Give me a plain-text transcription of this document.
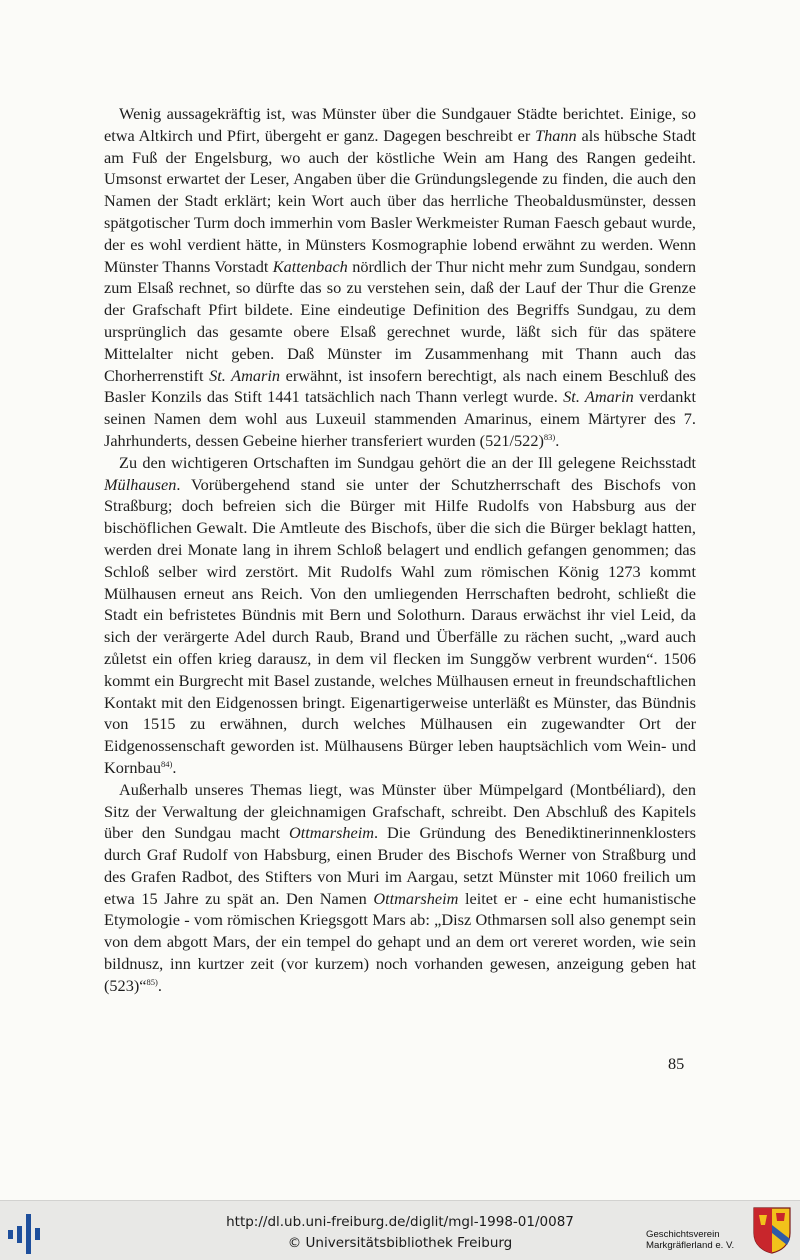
Wenig aussagekräftig ist, was Münster über die Sundgauer Städte berichtet. Einige, so etwa Altkirch und Pfirt, übergeht er ganz. Dagegen beschreibt er Thann als hübsche Stadt am Fuß der Engelsburg, wo auch der köstliche Wein am Hang des Rangen gedeiht. Umsonst erwartet der Leser, Angaben über die Gründungslegende zu finden, die auch den Namen der Stadt erklärt; kein Wort auch über das herrliche Theobaldusmünster, dessen spätgotischer Turm doch immerhin vom Basler Werkmeister Ruman Faesch gebaut wurde, der es wohl verdient hätte, in Münsters Kosmographie lobend erwähnt zu werden. Wenn Münster Thanns Vorstadt Kattenbach nördlich der Thur nicht mehr zum Sundgau, sondern zum Elsaß rechnet, so dürfte das so zu verstehen sein, daß der Lauf der Thur die Grenze der Grafschaft Pfirt bildete. Eine eindeutige Definition des Begriffs Sundgau, zu dem ursprünglich das gesamte obere Elsaß gerechnet wurde, läßt sich für das spätere Mittelalter nicht geben. Daß Münster im Zusammenhang mit Thann auch das Chorherrenstift St. Amarin erwähnt, ist insofern berechtigt, als nach einem Beschluß des Basler Konzils das Stift 1441 tatsächlich nach Thann verlegt wurde. St. Amarin verdankt seinen Namen dem wohl aus Luxeuil stammenden Amarinus, einem Märtyrer des 7. Jahrhunderts, dessen Gebeine hierher transferiert wurden $(521/522)^{83)}$.

Zu den wichtigeren Ortschaften im Sundgau gehört die an der Ill gelegene Reichsstadt Mülhausen. Vorübergehend stand sie unter der Schutzherrschaft des Bischofs von Straßburg; doch befreien sich die Bürger mit Hilfe Rudolfs von Habsburg aus der bischöflichen Gewalt. Die Amtleute des Bischofs, über die sich die Bürger beklagt hatten, werden drei Monate lang in ihrem Schloß belagert und endlich gefangen genommen; das Schloß selber wird zerstört. Mit Rudolfs Wahl zum römischen König 1273 kommt Mülhausen erneut ans Reich. Von den umliegenden Herrschaften bedroht, schließt die Stadt ein befristetes Bündnis mit Bern und Solothurn. Daraus erwächst ihr viel Leid, da sich der verärgerte Adel durch Raub, Brand und Überfälle zu rächen sucht, „ward auch zůletst ein offen krieg darausz, in dem vil flecken im Sunggǒw verbrent wurden“. 1506 kommt ein Burgrecht mit Basel zustande, welches Mülhausen erneut in freundschaftlichen Kontakt mit den Eidgenossen bringt. Eigenartigerweise unterläßt es Münster, das Bündnis von 1515 zu erwähnen, durch welches Mülhausen ein zugewandter Ort der Eidgenossenschaft geworden ist. Mülhausens Bürger leben hauptsächlich vom Wein- und Kornbau$^{84)}$.

Außerhalb unseres Themas liegt, was Münster über Mümpelgard (Montbéliard), den Sitz der Verwaltung der gleichnamigen Grafschaft, schreibt. Den Abschluß des Kapitels über den Sundgau macht Ottmarsheim. Die Gründung des Benediktinerinnenklosters durch Graf Rudolf von Habsburg, einen Bruder des Bischofs Werner von Straßburg und des Grafen Radbot, des Stifters von Muri im Aargau, setzt Münster mit 1060 freilich um etwa 15 Jahre zu spät an. Den Namen Ottmarsheim leitet er - eine echt humanistische Etymologie - vom römischen Kriegsgott Mars ab: „Disz Othmarsen soll also genempt sein von dem abgott Mars, der ein tempel do gehapt und an dem ort vereret worden, wie sein bildnusz, inn kurtzer zeit (vor kurzem) noch vorhanden gewesen, anzeigung geben hat (523)“$^{85)}$.

85
http://dl.ub.uni-freiburg.de/diglit/mgl-1998-01/0087
© Universitätsbibliothek Freiburg
Geschichtsverein
Markgräflerland e. V.
